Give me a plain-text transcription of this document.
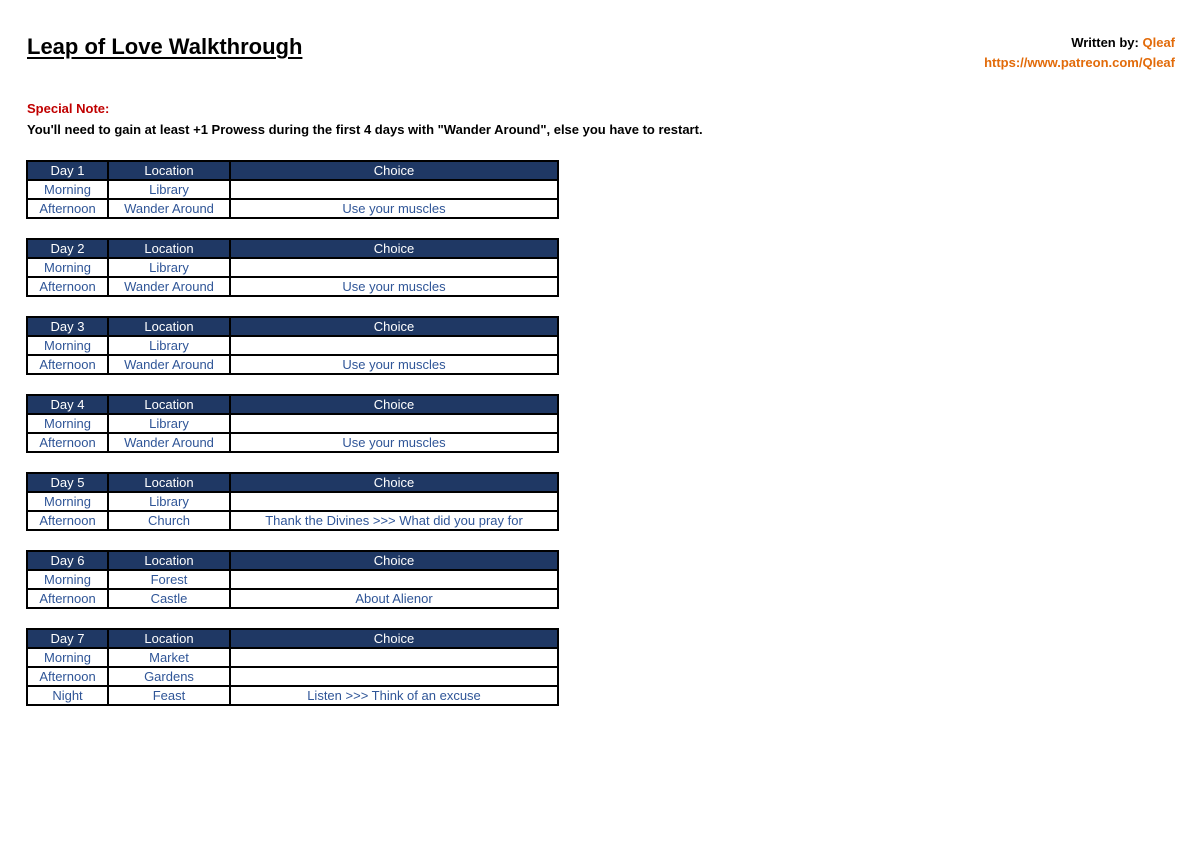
Leap of Love Walkthrough	Written by: Qleaf
https://www.patreon.com/Qleaf
Special Note:
You'll need to gain at least +1 Prowess during the first 4 days with "Wander Around", else you have to restart.
Day 1	Location	Choice
Morning	Library	
Afternoon	Wander Around	Use your muscles
Day 2	Location	Choice
Morning	Library	
Afternoon	Wander Around	Use your muscles
Day 3	Location	Choice
Morning	Library	
Afternoon	Wander Around	Use your muscles
Day 4	Location	Choice
Morning	Library	
Afternoon	Wander Around	Use your muscles
Day 5	Location	Choice
Morning	Library	
Afternoon	Church	Thank the Divines >>> What did you pray for
Day 6	Location	Choice
Morning	Forest	
Afternoon	Castle	About Alienor
Day 7	Location	Choice
Morning	Market	
Afternoon	Gardens	
Night	Feast	Listen >>> Think of an excuse
